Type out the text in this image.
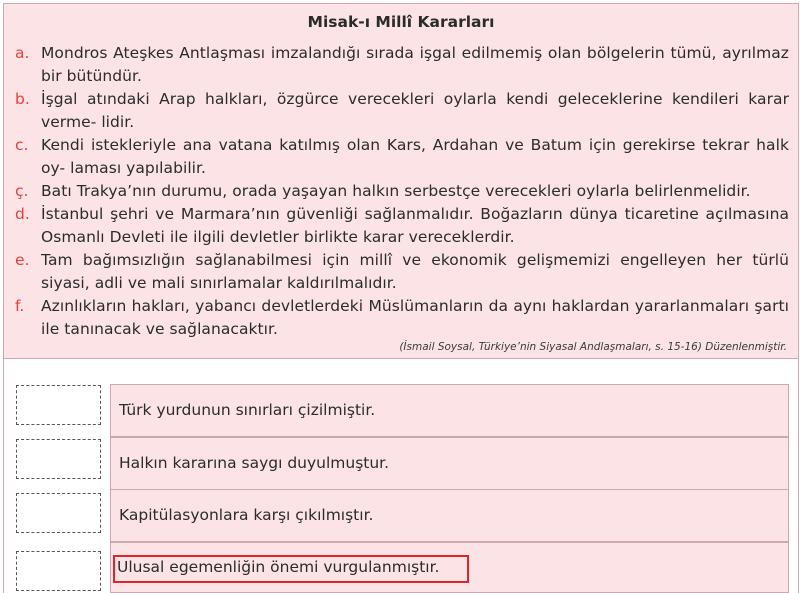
Misak-ı Millî Kararları
a. Mondros Ateşkes Antlaşması imzalandığı sırada işgal edilmemiş olan bölgelerin tümü, ayrılmaz bir bütündür.
b. İşgal atındaki Arap halkları, özgürce verecekleri oylarla kendi geleceklerine kendileri karar verme- lidir.
c. Kendi istekleriyle ana vatana katılmış olan Kars, Ardahan ve Batum için gerekirse tekrar halk oy- laması yapılabilir.
ç. Batı Trakya’nın durumu, orada yaşayan halkın serbestçe verecekleri oylarla belirlenmelidir.
d. İstanbul şehri ve Marmara’nın güvenliği sağlanmalıdır. Boğazların dünya ticaretine açılmasına Osmanlı Devleti ile ilgili devletler birlikte karar vereceklerdir.
e. Tam bağımsızlığın sağlanabilmesi için millî ve ekonomik gelişmemizi engelleyen her türlü siyasi, adli ve mali sınırlamalar kaldırılmalıdır.
f.	Azınlıkların hakları, yabancı devletlerdeki Müslümanların da aynı haklardan yararlanmaları şartı ile tanınacak ve sağlanacaktır.
(İsmail Soysal, Türkiye’nin Siyasal Andlaşmaları, s. 15-16) Düzenlenmiştir.
Türk yurdunun sınırları çizilmiştir.
Halkın kararına saygı duyulmuştur.
Kapitülasyonlara karşı çıkılmıştır.
Ulusal egemenliğin önemi vurgulanmıştır.
